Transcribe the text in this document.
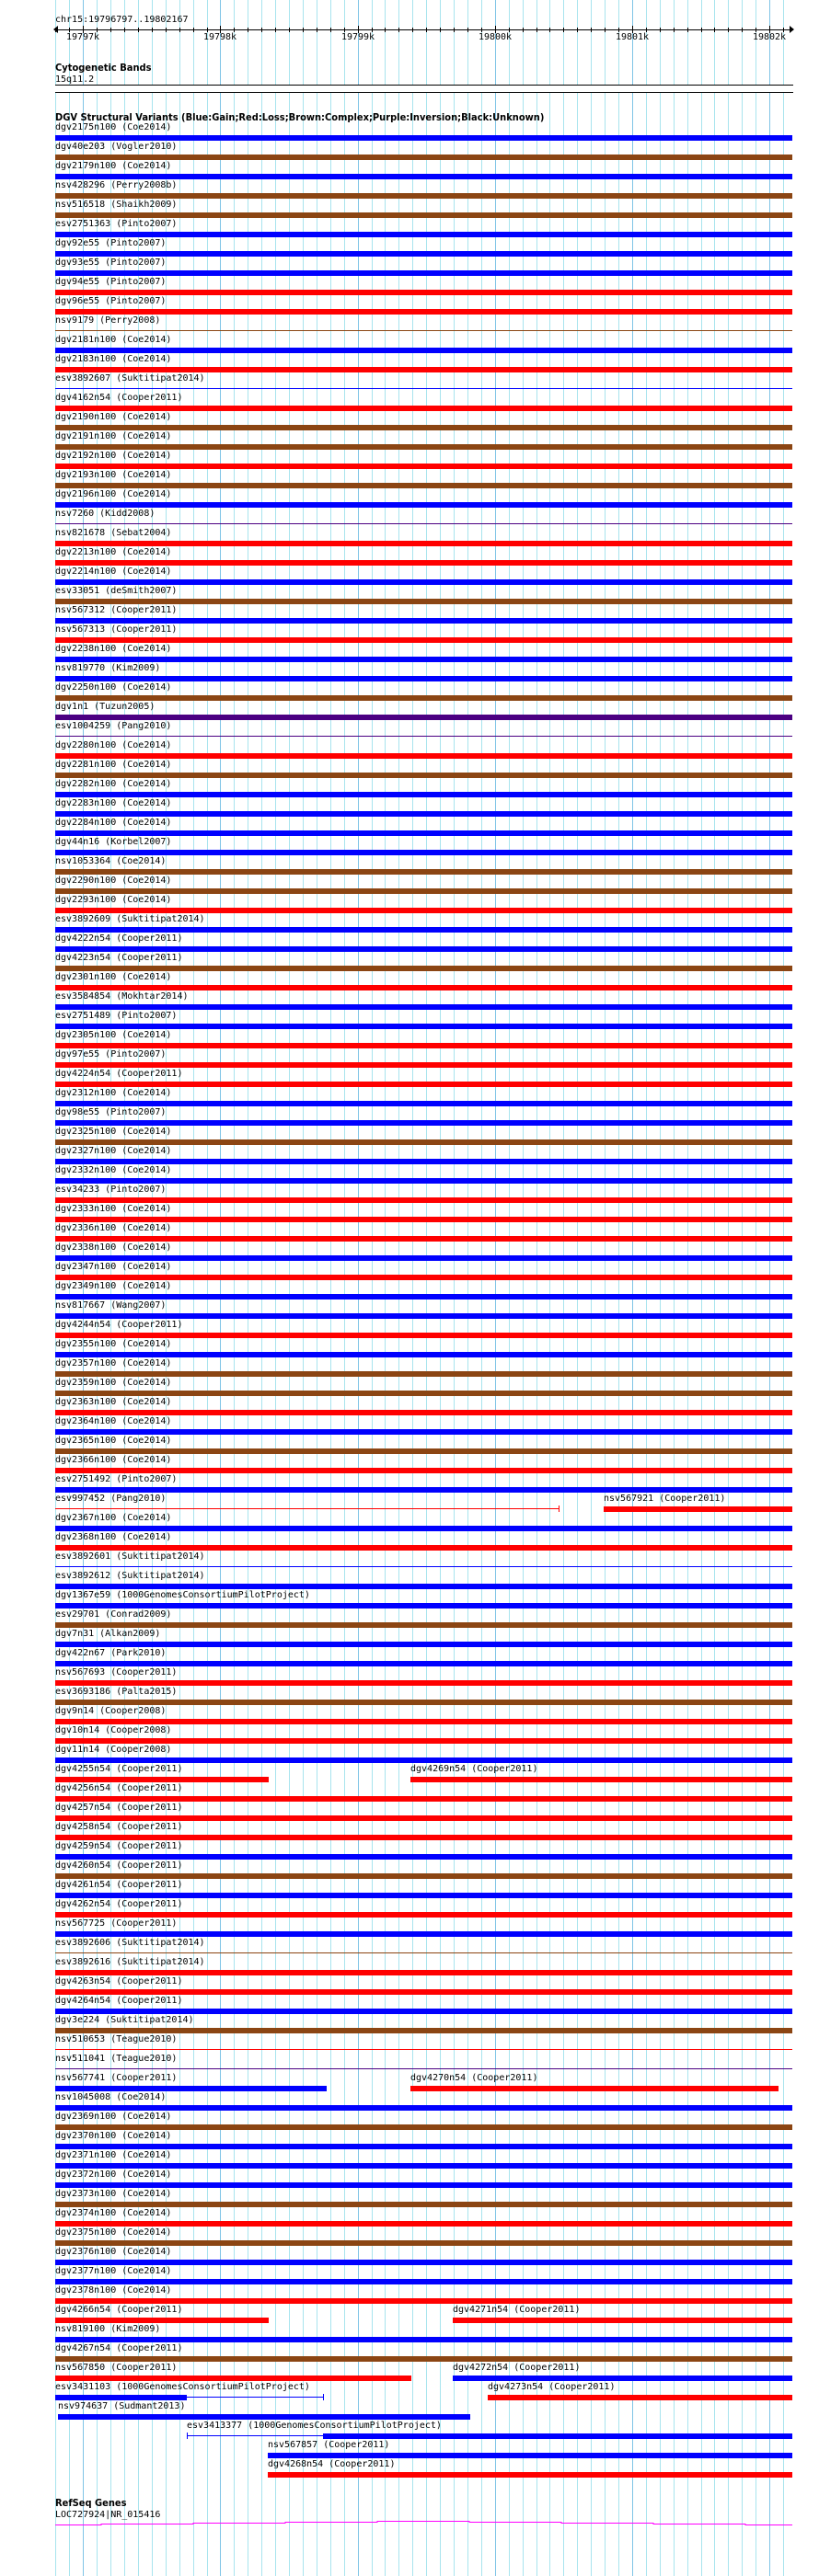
chr15:19796797..19802167
19797k	19798k	19799k	19800k	19801k	19802k
Cytogenetic Bands
15q11.2
DGV Structural Variants (Blue:Gain;Red:Loss;Brown:Complex;Purple:Inversion;Black:Unknown)
dgv2175n100 (Coe2014)
dgv40e203 (Vogler2010)
dgv2179n100 (Coe2014)
nsv428296 (Perry2008b)
nsv516518 (Shaikh2009)
esv2751363 (Pinto2007)
dgv92e55 (Pinto2007)
dgv93e55 (Pinto2007)
dgv94e55 (Pinto2007)
dgv96e55 (Pinto2007)
nsv9179 (Perry2008)
dgv2181n100 (Coe2014)
dgv2183n100 (Coe2014)
esv3892607 (Suktitipat2014)
dgv4162n54 (Cooper2011)
dgv2190n100 (Coe2014)
dgv2191n100 (Coe2014)
dgv2192n100 (Coe2014)
dgv2193n100 (Coe2014)
dgv2196n100 (Coe2014)
nsv7260 (Kidd2008)
nsv821678 (Sebat2004)
dgv2213n100 (Coe2014)
dgv2214n100 (Coe2014)
esv33051 (deSmith2007)
nsv567312 (Cooper2011)
nsv567313 (Cooper2011)
dgv2238n100 (Coe2014)
nsv819770 (Kim2009)
dgv2250n100 (Coe2014)
dgv1n1 (Tuzun2005)
esv1004259 (Pang2010)
dgv2280n100 (Coe2014)
dgv2281n100 (Coe2014)
dgv2282n100 (Coe2014)
dgv2283n100 (Coe2014)
dgv2284n100 (Coe2014)
dgv44n16 (Korbel2007)
nsv1053364 (Coe2014)
dgv2290n100 (Coe2014)
dgv2293n100 (Coe2014)
esv3892609 (Suktitipat2014)
dgv4222n54 (Cooper2011)
dgv4223n54 (Cooper2011)
dgv2301n100 (Coe2014)
esv3584854 (Mokhtar2014)
esv2751489 (Pinto2007)
dgv2305n100 (Coe2014)
dgv97e55 (Pinto2007)
dgv4224n54 (Cooper2011)
dgv2312n100 (Coe2014)
dgv98e55 (Pinto2007)
dgv2325n100 (Coe2014)
dgv2327n100 (Coe2014)
dgv2332n100 (Coe2014)
esv34233 (Pinto2007)
dgv2333n100 (Coe2014)
dgv2336n100 (Coe2014)
dgv2338n100 (Coe2014)
dgv2347n100 (Coe2014)
dgv2349n100 (Coe2014)
nsv817667 (Wang2007)
dgv4244n54 (Cooper2011)
dgv2355n100 (Coe2014)
dgv2357n100 (Coe2014)
dgv2359n100 (Coe2014)
dgv2363n100 (Coe2014)
dgv2364n100 (Coe2014)
dgv2365n100 (Coe2014)
dgv2366n100 (Coe2014)
esv2751492 (Pinto2007)
esv997452 (Pang2010)	nsv567921 (Cooper2011)
dgv2367n100 (Coe2014)
dgv2368n100 (Coe2014)
esv3892601 (Suktitipat2014)
esv3892612 (Suktitipat2014)
dgv1367e59 (1000GenomesConsortiumPilotProject)
esv29701 (Conrad2009)
dgv7n31 (Alkan2009)
dgv422n67 (Park2010)
nsv567693 (Cooper2011)
esv3693186 (Palta2015)
dgv9n14 (Cooper2008)
dgv10n14 (Cooper2008)
dgv11n14 (Cooper2008)
dgv4255n54 (Cooper2011)	dgv4269n54 (Cooper2011)
dgv4256n54 (Cooper2011)
dgv4257n54 (Cooper2011)
dgv4258n54 (Cooper2011)
dgv4259n54 (Cooper2011)
dgv4260n54 (Cooper2011)
dgv4261n54 (Cooper2011)
dgv4262n54 (Cooper2011)
nsv567725 (Cooper2011)
esv3892606 (Suktitipat2014)
esv3892616 (Suktitipat2014)
dgv4263n54 (Cooper2011)
dgv4264n54 (Cooper2011)
dgv3e224 (Suktitipat2014)
nsv510653 (Teague2010)
nsv511041 (Teague2010)
nsv567741 (Cooper2011)	dgv4270n54 (Cooper2011)
nsv1045008 (Coe2014)
dgv2369n100 (Coe2014)
dgv2370n100 (Coe2014)
dgv2371n100 (Coe2014)
dgv2372n100 (Coe2014)
dgv2373n100 (Coe2014)
dgv2374n100 (Coe2014)
dgv2375n100 (Coe2014)
dgv2376n100 (Coe2014)
dgv2377n100 (Coe2014)
dgv2378n100 (Coe2014)
dgv4266n54 (Cooper2011)	dgv4271n54 (Cooper2011)
nsv819100 (Kim2009)
dgv4267n54 (Cooper2011)
nsv567850 (Cooper2011)	dgv4272n54 (Cooper2011)
esv3431103 (1000GenomesConsortiumPilotProject)	dgv4273n54 (Cooper2011)
nsv974637 (Sudmant2013)
esv3413377 (1000GenomesConsortiumPilotProject)
nsv567857 (Cooper2011)
dgv4268n54 (Cooper2011)
RefSeq Genes
LOC727924|NR_015416
